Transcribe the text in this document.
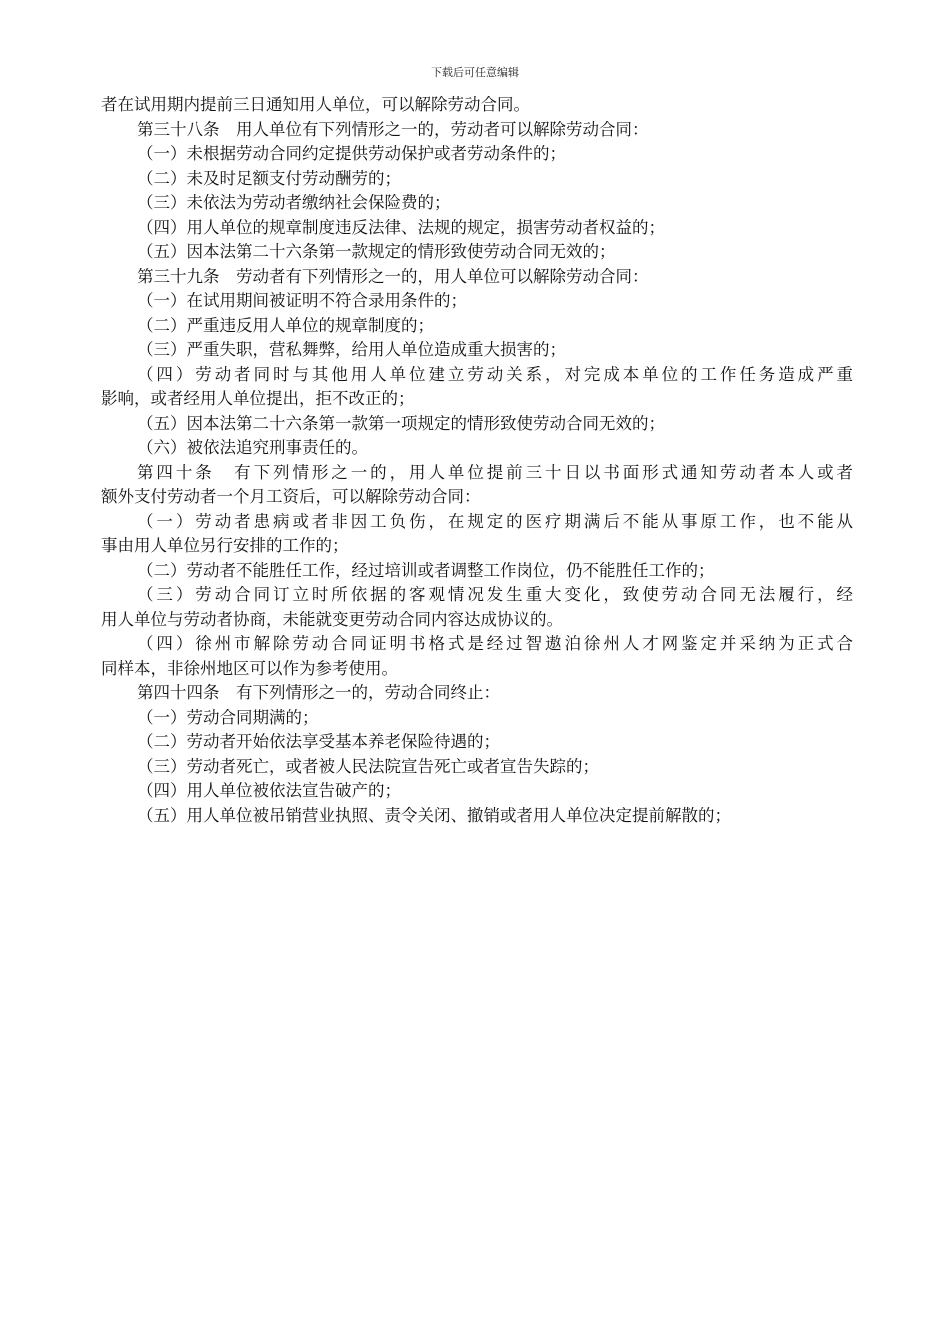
下载后可任意编辑
者在试用期内提前三日通知用人单位，可以解除劳动合同。
第三十八条　用人单位有下列情形之一的，劳动者可以解除劳动合同：
（一）未根据劳动合同约定提供劳动保护或者劳动条件的；
（二）未及时足额支付劳动酬劳的；
（三）未依法为劳动者缴纳社会保险费的；
（四）用人单位的规章制度违反法律、法规的规定，损害劳动者权益的；
（五）因本法第二十六条第一款规定的情形致使劳动合同无效的；
第三十九条　劳动者有下列情形之一的，用人单位可以解除劳动合同：
（一）在试用期间被证明不符合录用条件的；
（二）严重违反用人单位的规章制度的；
（三）严重失职，营私舞弊，给用人单位造成重大损害的；
（四）劳动者同时与其他用人单位建立劳动关系，对完成本单位的工作任务造成严重
影响，或者经用人单位提出，拒不改正的；
（五）因本法第二十六条第一款第一项规定的情形致使劳动合同无效的；
（六）被依法追究刑事责任的。
第四十条　有下列情形之一的，用人单位提前三十日以书面形式通知劳动者本人或者
额外支付劳动者一个月工资后，可以解除劳动合同：
（一）劳动者患病或者非因工负伤，在规定的医疗期满后不能从事原工作，也不能从
事由用人单位另行安排的工作的；
（二）劳动者不能胜任工作，经过培训或者调整工作岗位，仍不能胜任工作的；
（三）劳动合同订立时所依据的客观情况发生重大变化，致使劳动合同无法履行，经
用人单位与劳动者协商，未能就变更劳动合同内容达成协议的。
（四）徐州市解除劳动合同证明书格式是经过智遨泊徐州人才网鉴定并采纳为正式合
同样本，非徐州地区可以作为参考使用。
第四十四条　有下列情形之一的，劳动合同终止：
（一）劳动合同期满的；
（二）劳动者开始依法享受基本养老保险待遇的；
（三）劳动者死亡，或者被人民法院宣告死亡或者宣告失踪的；
（四）用人单位被依法宣告破产的；
（五）用人单位被吊销营业执照、责令关闭、撤销或者用人单位决定提前解散的；
